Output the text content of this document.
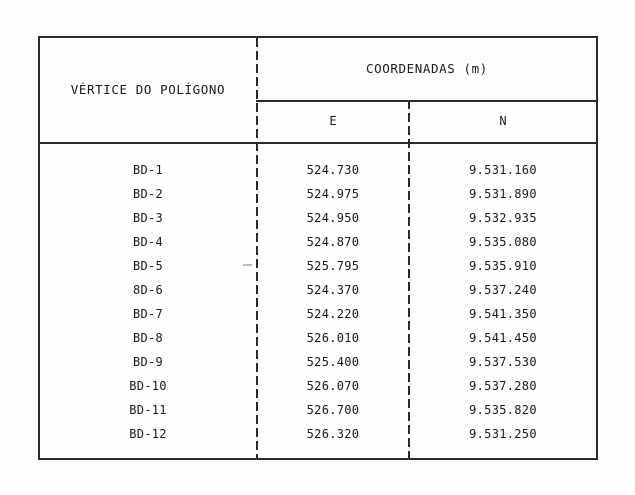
VÉRTICE DO POLÍGONO
COORDENADAS (m)
E	N
BD-1	524.730	9.531.160
BD-2	524.975	9.531.890
BD-3	524.950	9.532.935
BD-4	524.870	9.535.080
BD-5	525.795	9.535.910
8D-6	524.370	9.537.240
BD-7	524.220	9.541.350
BD-8	526.010	9.541.450
BD-9	525.400	9.537.530
BD-10	526.070	9.537.280
BD-11	526.700	9.535.820
BD-12	526.320	9.531.250
